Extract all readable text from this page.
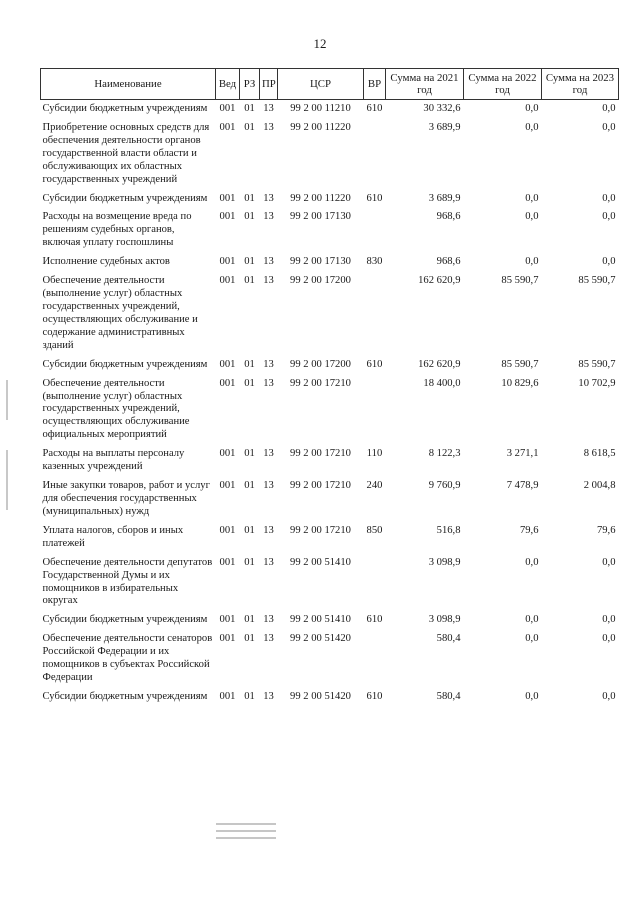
12
Наименование	Вед	РЗ	ПР	ЦСР	ВР	Сумма на 2021 год	Сумма на 2022 год	Сумма на 2023 год
Субсидии бюджетным учреждениям	001	01	13	99 2 00 11210	610	30 332,6	0,0	0,0
Приобретение основных средств для обеспечения деятельности органов государственной власти области и обслуживающих их областных государственных учреждений	001	01	13	99 2 00 11220		3 689,9	0,0	0,0
Субсидии бюджетным учреждениям	001	01	13	99 2 00 11220	610	3 689,9	0,0	0,0
Расходы на возмещение вреда по решениям судебных органов, включая уплату госпошлины	001	01	13	99 2 00 17130		968,6	0,0	0,0
Исполнение судебных актов	001	01	13	99 2 00 17130	830	968,6	0,0	0,0
Обеспечение деятельности (выполнение услуг) областных государственных учреждений, осуществляющих обслуживание и содержание административных зданий	001	01	13	99 2 00 17200		162 620,9	85 590,7	85 590,7
Субсидии бюджетным учреждениям	001	01	13	99 2 00 17200	610	162 620,9	85 590,7	85 590,7
Обеспечение деятельности (выполнение услуг) областных государственных учреждений, осуществляющих обслуживание официальных мероприятий	001	01	13	99 2 00 17210		18 400,0	10 829,6	10 702,9
Расходы на выплаты персоналу казенных учреждений	001	01	13	99 2 00 17210	110	8 122,3	3 271,1	8 618,5
Иные закупки товаров, работ и услуг для обеспечения государственных (муниципальных) нужд	001	01	13	99 2 00 17210	240	9 760,9	7 478,9	2 004,8
Уплата налогов, сборов и иных платежей	001	01	13	99 2 00 17210	850	516,8	79,6	79,6
Обеспечение деятельности депутатов Государственной Думы и их помощников в избирательных округах	001	01	13	99 2 00 51410		3 098,9	0,0	0,0
Субсидии бюджетным учреждениям	001	01	13	99 2 00 51410	610	3 098,9	0,0	0,0
Обеспечение деятельности сенаторов Российской Федерации и их помощников в субъектах Российской Федерации	001	01	13	99 2 00 51420		580,4	0,0	0,0
Субсидии бюджетным учреждениям	001	01	13	99 2 00 51420	610	580,4	0,0	0,0
